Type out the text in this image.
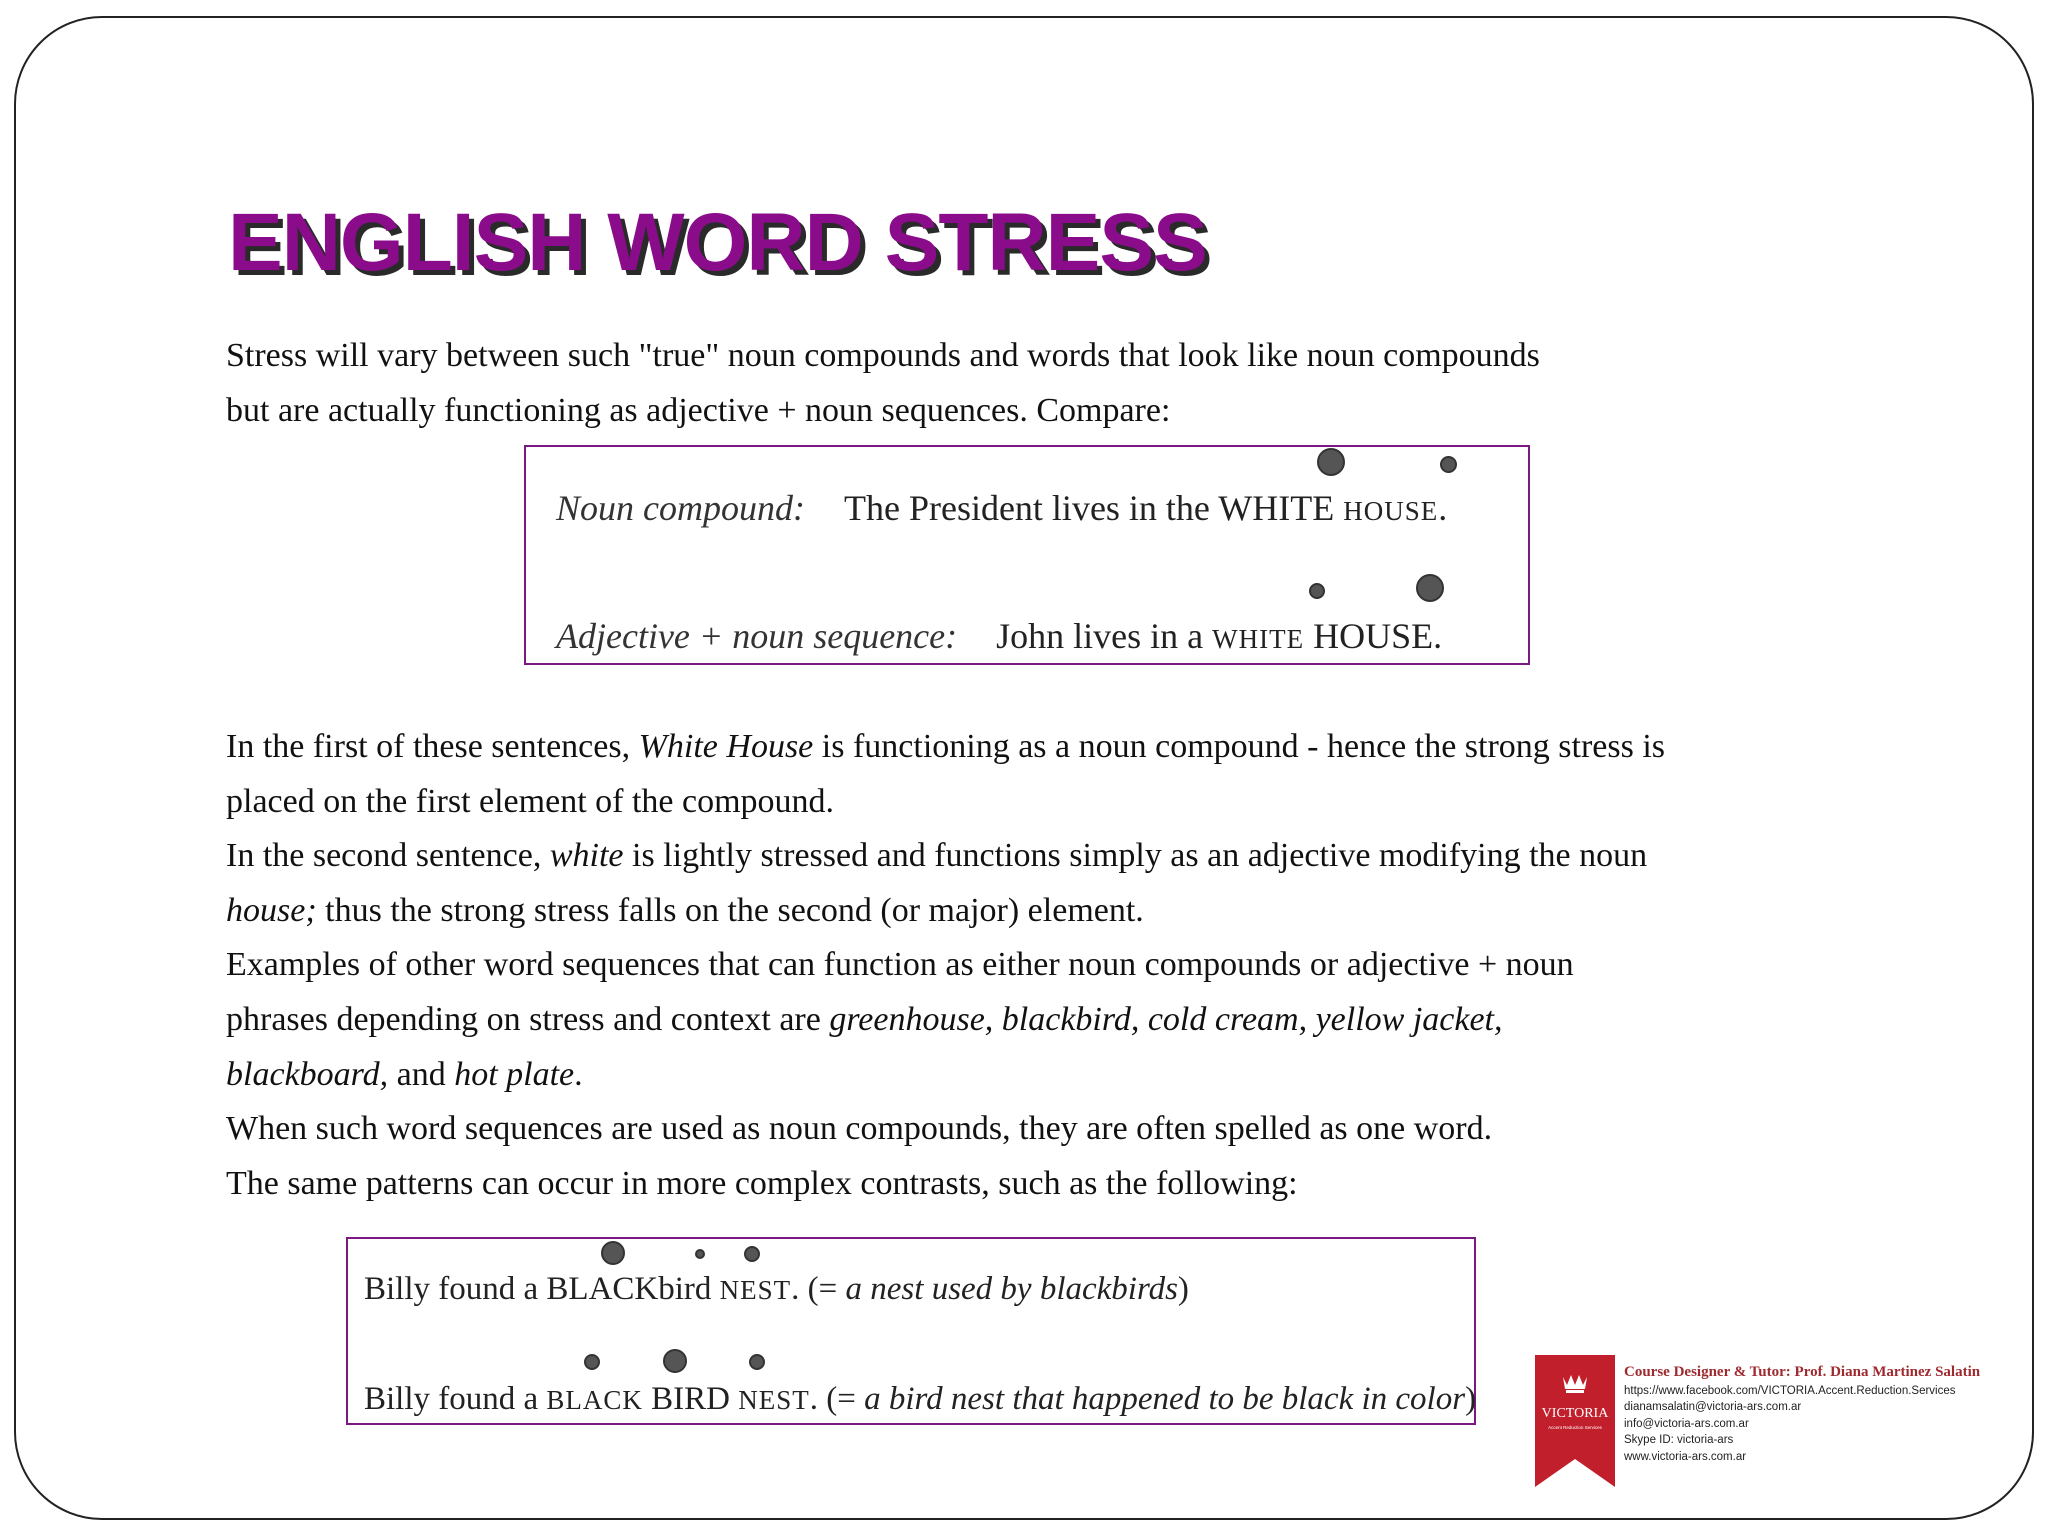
ENGLISH WORD STRESS
Stress will vary between such "true" noun compounds and words that look like noun compounds
but are actually functioning as adjective + noun sequences. Compare:
Noun compound: The President lives in the WHITE HOUSE.
Adjective + noun sequence: John lives in a WHITE HOUSE.

In the first of these sentences, White House is functioning as a noun compound - hence the strong stress is placed on the first element of the compound.

In the second sentence, white is lightly stressed and functions simply as an adjective modifying the noun house; thus the strong stress falls on the second (or major) element.

Examples of other word sequences that can function as either noun compounds or adjective + noun phrases depending on stress and context are greenhouse, blackbird, cold cream, yellow jacket, blackboard, and hot plate.

When such word sequences are used as noun compounds, they are often spelled as one word.

The same patterns can occur in more complex contrasts, such as the following:

Billy found a BLACKbird NEST. (= a nest used by blackbirds)
Billy found a BLACK BIRD NEST. (= a bird nest that happened to be black in color)	VICTORIA
Accent Reduction Services
Course Designer & Tutor: Prof. Diana Martinez Salatin
https://www.facebook.com/VICTORIA.Accent.Reduction.Services
dianamsalatin@victoria-ars.com.ar
info@victoria-ars.com.ar
Skype ID: victoria-ars
www.victoria-ars.com.ar
